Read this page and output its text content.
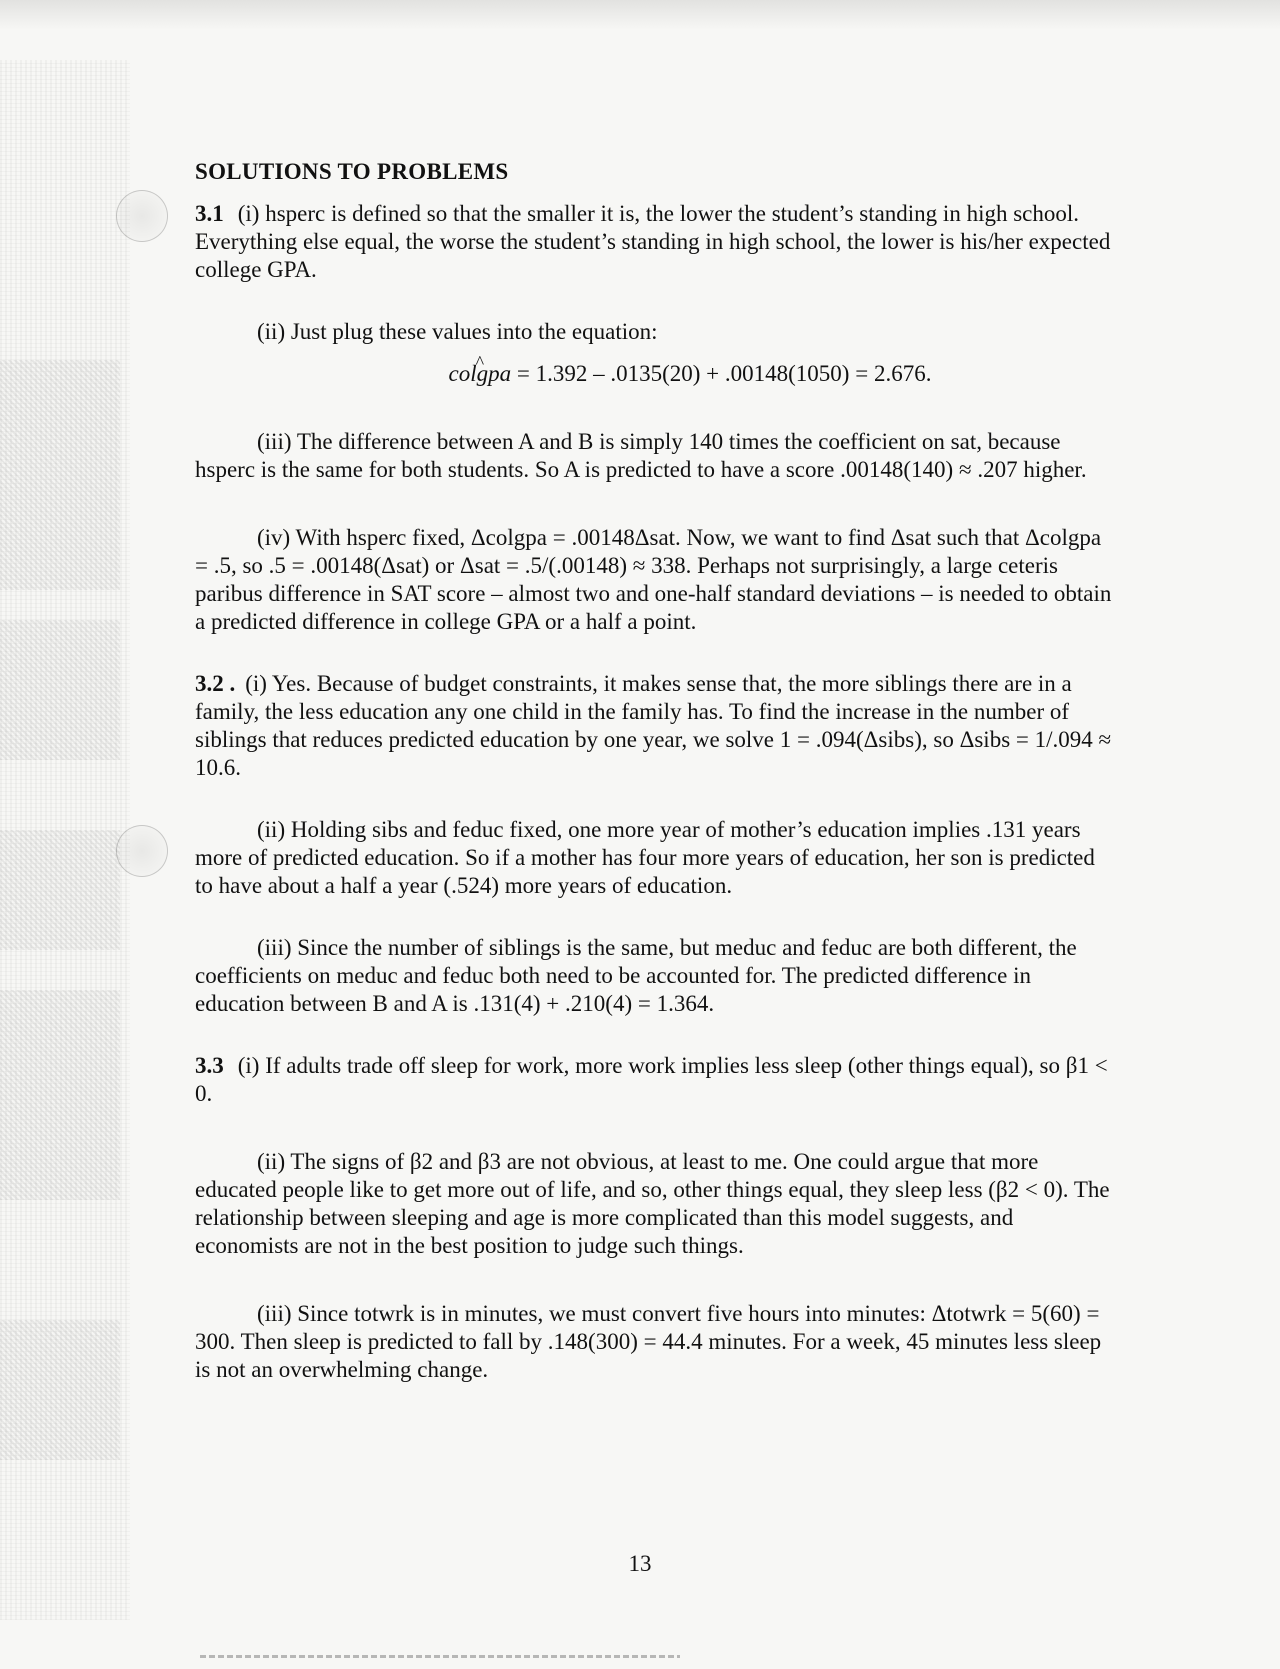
SOLUTIONS TO PROBLEMS

3.1 (i) hsperc is defined so that the smaller it is, the lower the student’s standing in high school. Everything else equal, the worse the student’s standing in high school, the lower is his/her expected college GPA.

(ii) Just plug these values into the equation:

colgpa ^ = 1.392 – .0135(20) + .00148(1050) = 2.676.

(iii) The difference between A and B is simply 140 times the coefficient on sat, because hsperc is the same for both students. So A is predicted to have a score .00148(140) ≈ .207 higher.

(iv) With hsperc fixed, Δcolgpa = .00148Δsat. Now, we want to find Δsat such that Δcolgpa = .5, so .5 = .00148(Δsat) or Δsat = .5/(.00148) ≈ 338. Perhaps not surprisingly, a large ceteris paribus difference in SAT score – almost two and one-half standard deviations – is needed to obtain a predicted difference in college GPA or a half a point.

3.2 . (i) Yes. Because of budget constraints, it makes sense that, the more siblings there are in a family, the less education any one child in the family has. To find the increase in the number of siblings that reduces predicted education by one year, we solve 1 = .094(Δsibs), so Δsibs = 1/.094 ≈ 10.6.

(ii) Holding sibs and feduc fixed, one more year of mother’s education implies .131 years more of predicted education. So if a mother has four more years of education, her son is predicted to have about a half a year (.524) more years of education.

(iii) Since the number of siblings is the same, but meduc and feduc are both different, the coefficients on meduc and feduc both need to be accounted for. The predicted difference in education between B and A is .131(4) + .210(4) = 1.364.

3.3 (i) If adults trade off sleep for work, more work implies less sleep (other things equal), so β1 < 0.

(ii) The signs of β2 and β3 are not obvious, at least to me. One could argue that more educated people like to get more out of life, and so, other things equal, they sleep less (β2 < 0). The relationship between sleeping and age is more complicated than this model suggests, and economists are not in the best position to judge such things.

(iii) Since totwrk is in minutes, we must convert five hours into minutes: Δtotwrk = 5(60) = 300. Then sleep is predicted to fall by .148(300) = 44.4 minutes. For a week, 45 minutes less sleep is not an overwhelming change.

13
